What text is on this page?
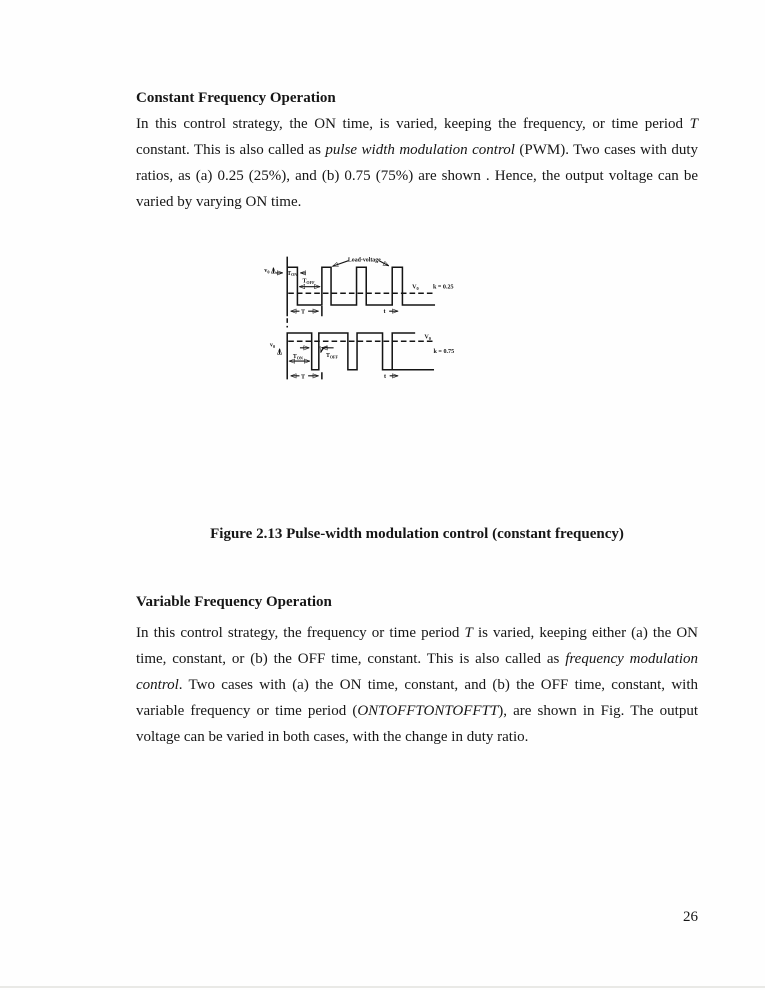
Constant Frequency Operation
In this control strategy, the ON time, is varied, keeping the frequency, or time period T
constant. This is also called as pulse width modulation control (PWM). Two cases with duty
ratios, as (a) 0.25 (25%), and (b) 0.75 (75%) are shown . Hence, the output voltage can be
varied by varying ON time.
$v_0$ $T_{ON}$
$T_{OFF}$
Load-voltage
$V_0$ k = 0.25
T	t
$v_0$
$T_{ON}$ $T_{OFF}$
$V_0$
k = 0.75
T	t
Figure 2.13 Pulse-width modulation control (constant frequency)
Variable Frequency Operation
In this control strategy, the frequency or time period T is varied, keeping either (a) the ON
time, constant, or (b) the OFF time, constant. This is also called as frequency modulation
control. Two cases with (a) the ON time, constant, and (b) the OFF time, constant, with
variable frequency or time period (ONTOFFTONTOFFTT), are shown in Fig. The output
voltage can be varied in both cases, with the change in duty ratio.
26
